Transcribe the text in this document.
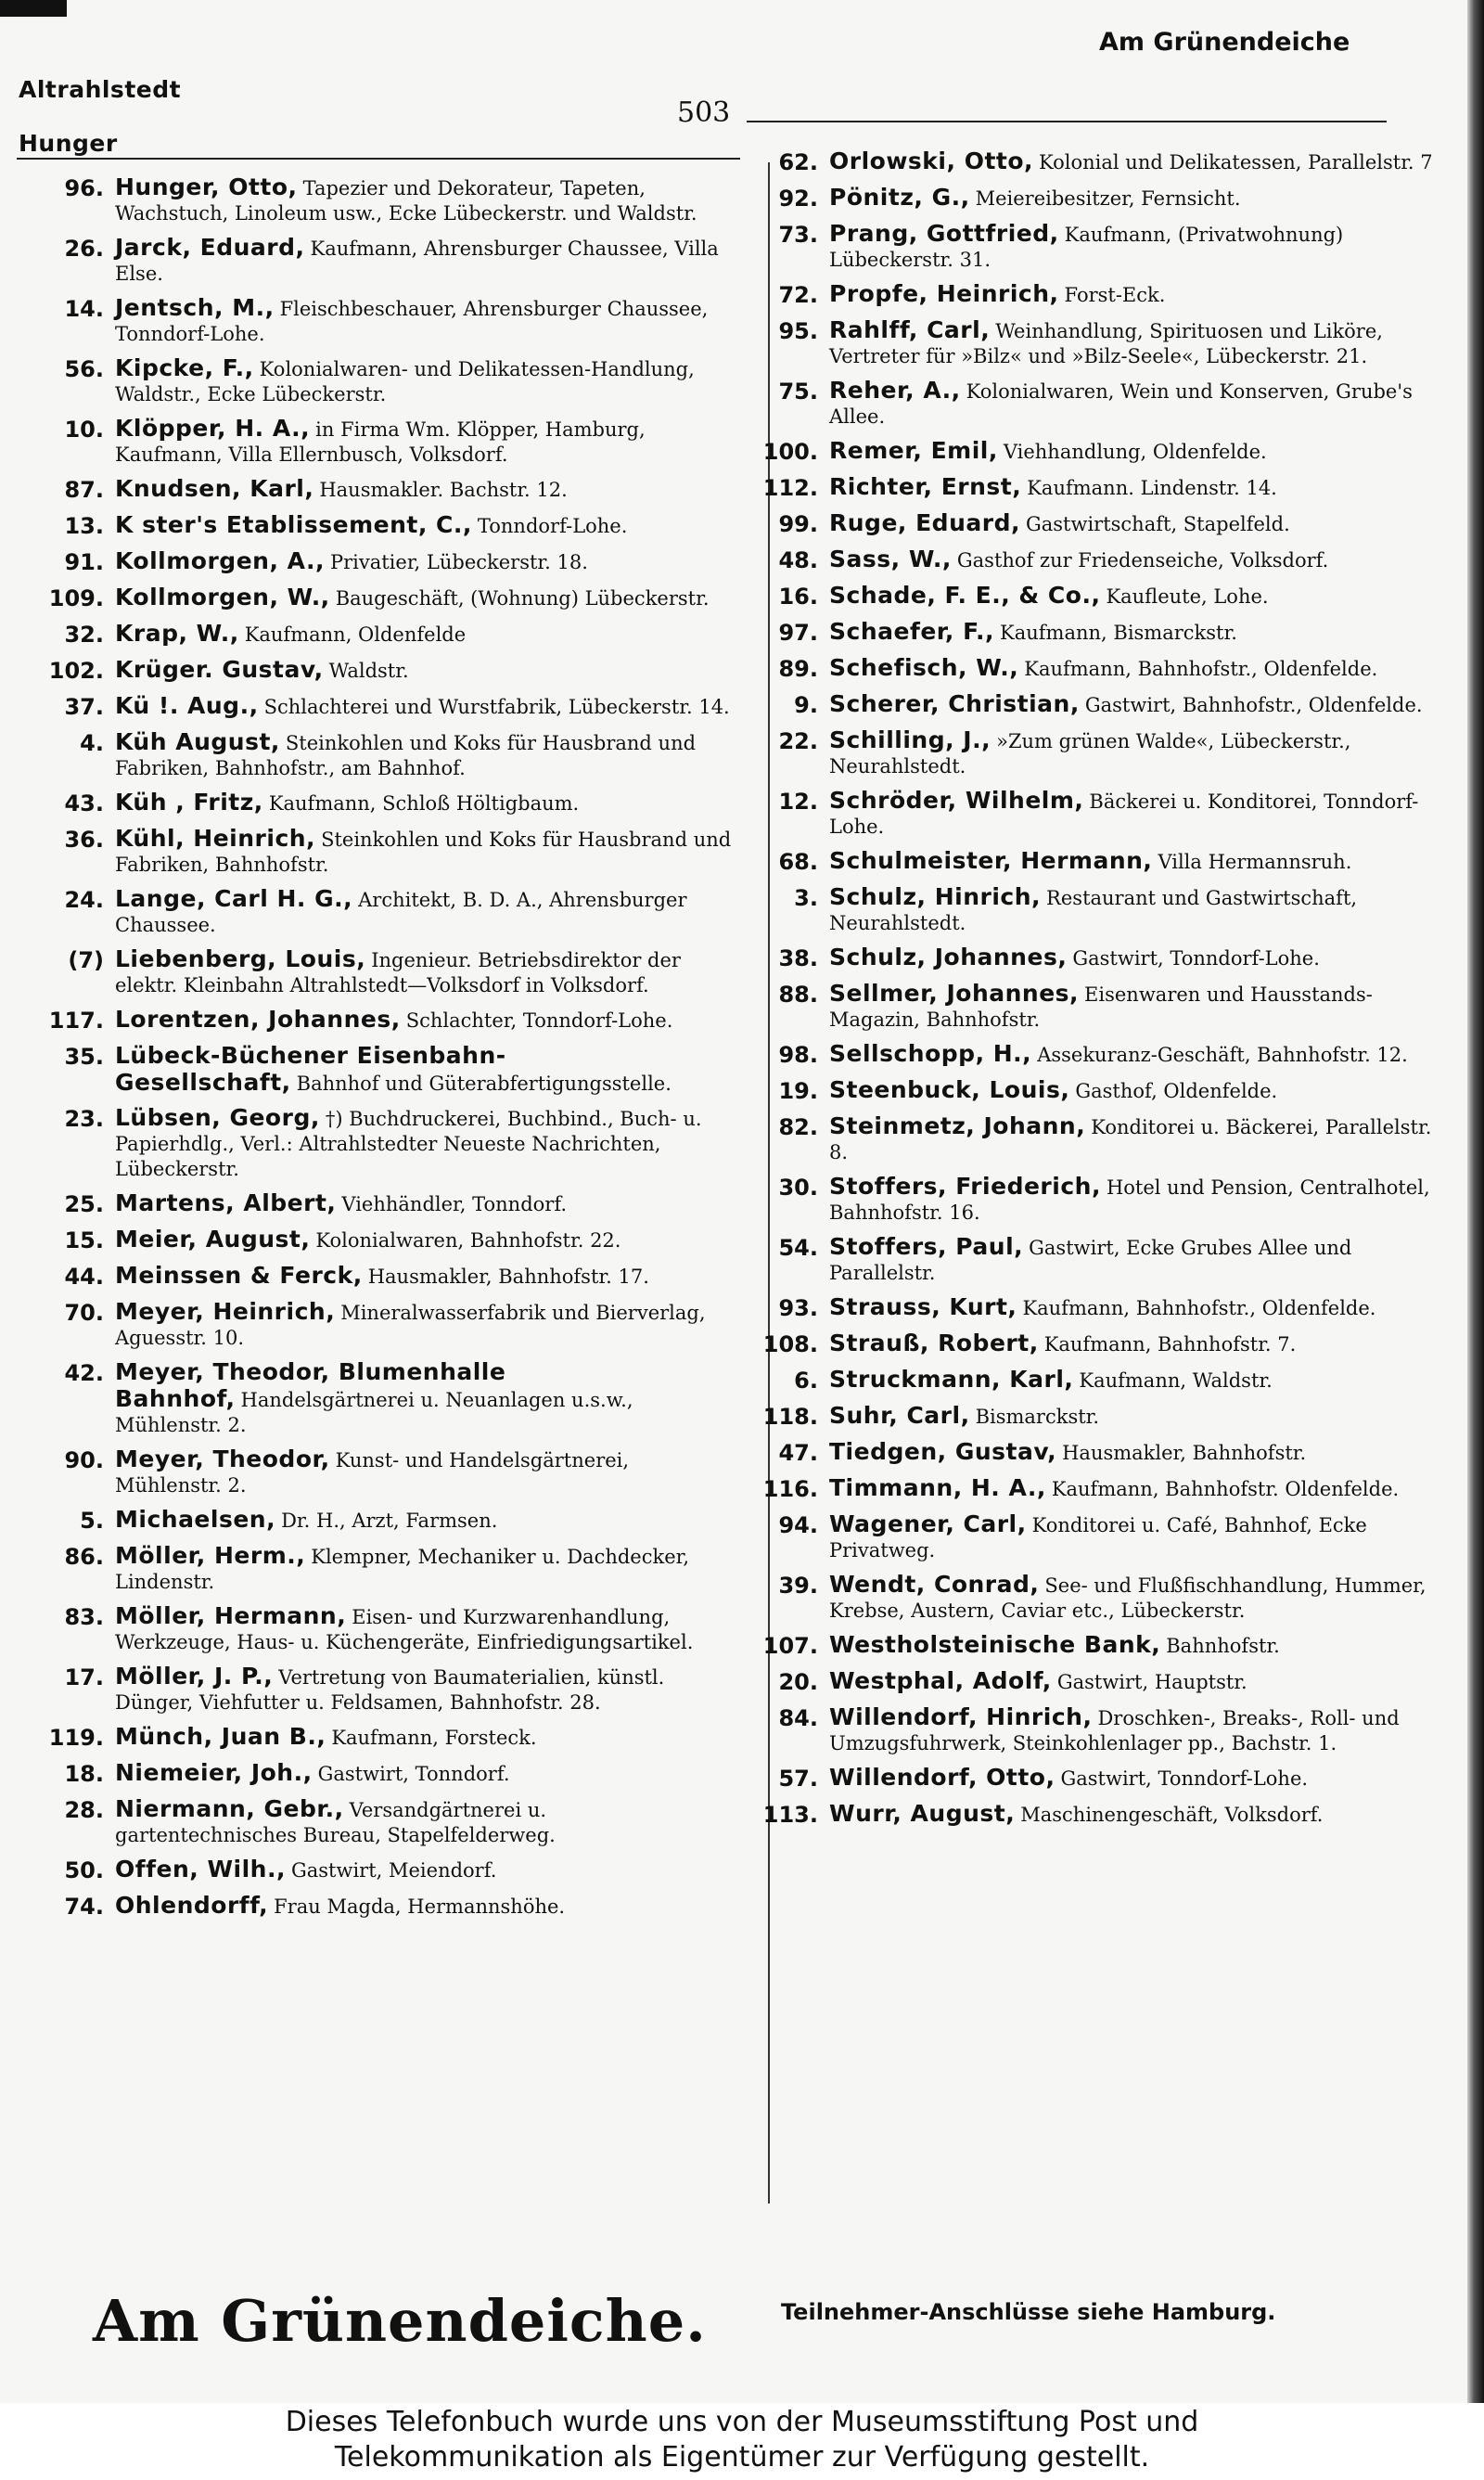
Altrahlstedt
Hunger
503
Am Grünendeiche
96. Hunger, Otto, Tapezier und Dekorateur, Tapeten, Wachstuch, Linoleum usw., Ecke Lübeckerstr. und Waldstr.
26. Jarck, Eduard, Kaufmann, Ahrensburger Chaussee, Villa Else.
14. Jentsch, M., Fleischbeschauer, Ahrensburger Chaussee, Tonndorf-Lohe.
56. Kipcke, F., Kolonialwaren- und Delikatessen-Handlung, Waldstr., Ecke Lübeckerstr.
10. Klöpper, H. A., in Firma Wm. Klöpper, Hamburg, Kaufmann, Villa Ellernbusch, Volksdorf.
87. Knudsen, Karl, Hausmakler. Bachstr. 12.
13. K ster's Etablissement, C., Tonndorf-Lohe.
91. Kollmorgen, A., Privatier, Lübeckerstr. 18.
109. Kollmorgen, W., Baugeschäft, (Wohnung) Lübeckerstr.
32. Krap, W., Kaufmann, Oldenfelde
102. Krüger. Gustav, Waldstr.
37. Kü !. Aug., Schlachterei und Wurstfabrik, Lübeckerstr. 14.
4. Küh August, Steinkohlen und Koks für Hausbrand und Fabriken, Bahnhofstr., am Bahnhof.
43. Küh , Fritz, Kaufmann, Schloß Höltigbaum.
36. Kühl, Heinrich, Steinkohlen und Koks für Hausbrand und Fabriken, Bahnhofstr.
24. Lange, Carl H. G., Architekt, B. D. A., Ahrensburger Chaussee.
(7) Liebenberg, Louis, Ingenieur. Betriebsdirektor der elektr. Kleinbahn Altrahlstedt—Volksdorf in Volksdorf.
117. Lorentzen, Johannes, Schlachter, Tonndorf-Lohe.
35. Lübeck-Büchener Eisenbahn-Gesellschaft, Bahnhof und Güterabfertigungsstelle.
23. Lübsen, Georg, †) Buchdruckerei, Buchbind., Buch- u. Papierhdlg., Verl.: Altrahlstedter Neueste Nachrichten, Lübeckerstr.
25. Martens, Albert, Viehhändler, Tonndorf.
15. Meier, August, Kolonialwaren, Bahnhofstr. 22.
44. Meinssen & Ferck, Hausmakler, Bahnhofstr. 17.
70. Meyer, Heinrich, Mineralwasserfabrik und Bierverlag, Aguesstr. 10.
42. Meyer, Theodor, Blumenhalle Bahnhof, Handelsgärtnerei u. Neuanlagen u.s.w., Mühlenstr. 2.
90. Meyer, Theodor, Kunst- und Handelsgärtnerei, Mühlenstr. 2.
5. Michaelsen, Dr. H., Arzt, Farmsen.
86. Möller, Herm., Klempner, Mechaniker u. Dachdecker, Lindenstr.
83. Möller, Hermann, Eisen- und Kurzwarenhandlung, Werkzeuge, Haus- u. Küchengeräte, Einfriedigungsartikel.
17. Möller, J. P., Vertretung von Baumaterialien, künstl. Dünger, Viehfutter u. Feldsamen, Bahnhofstr. 28.
119. Münch, Juan B., Kaufmann, Forsteck.
18. Niemeier, Joh., Gastwirt, Tonndorf.
28. Niermann, Gebr., Versandgärtnerei u. gartentechnisches Bureau, Stapelfelderweg.
50. Offen, Wilh., Gastwirt, Meiendorf.
74. Ohlendorff, Frau Magda, Hermannshöhe.
62. Orlowski, Otto, Kolonial und Delikatessen, Parallelstr. 7
92. Pönitz, G., Meiereibesitzer, Fernsicht.
73. Prang, Gottfried, Kaufmann, (Privatwohnung) Lübeckerstr. 31.
72. Propfe, Heinrich, Forst-Eck.
95. Rahlff, Carl, Weinhandlung, Spirituosen und Liköre, Vertreter für »Bilz« und »Bilz-Seele«, Lübeckerstr. 21.
75. Reher, A., Kolonialwaren, Wein und Konserven, Grube's Allee.
100. Remer, Emil, Viehhandlung, Oldenfelde.
112. Richter, Ernst, Kaufmann. Lindenstr. 14.
99. Ruge, Eduard, Gastwirtschaft, Stapelfeld.
48. Sass, W., Gasthof zur Friedenseiche, Volksdorf.
16. Schade, F. E., & Co., Kaufleute, Lohe.
97. Schaefer, F., Kaufmann, Bismarckstr.
89. Schefisch, W., Kaufmann, Bahnhofstr., Oldenfelde.
9. Scherer, Christian, Gastwirt, Bahnhofstr., Oldenfelde.
22. Schilling, J., »Zum grünen Walde«, Lübeckerstr., Neurahlstedt.
12. Schröder, Wilhelm, Bäckerei u. Konditorei, Tonndorf-Lohe.
68. Schulmeister, Hermann, Villa Hermannsruh.
3. Schulz, Hinrich, Restaurant und Gastwirtschaft, Neurahlstedt.
38. Schulz, Johannes, Gastwirt, Tonndorf-Lohe.
88. Sellmer, Johannes, Eisenwaren und Hausstands-Magazin, Bahnhofstr.
98. Sellschopp, H., Assekuranz-Geschäft, Bahnhofstr. 12.
19. Steenbuck, Louis, Gasthof, Oldenfelde.
82. Steinmetz, Johann, Konditorei u. Bäckerei, Parallelstr. 8.
30. Stoffers, Friederich, Hotel und Pension, Centralhotel, Bahnhofstr. 16.
54. Stoffers, Paul, Gastwirt, Ecke Grubes Allee und Parallelstr.
93. Strauss, Kurt, Kaufmann, Bahnhofstr., Oldenfelde.
108. Strauß, Robert, Kaufmann, Bahnhofstr. 7.
6. Struckmann, Karl, Kaufmann, Waldstr.
118. Suhr, Carl, Bismarckstr.
47. Tiedgen, Gustav, Hausmakler, Bahnhofstr.
116. Timmann, H. A., Kaufmann, Bahnhofstr. Oldenfelde.
94. Wagener, Carl, Konditorei u. Café, Bahnhof, Ecke Privatweg.
39. Wendt, Conrad, See- und Flußfischhandlung, Hummer, Krebse, Austern, Caviar etc., Lübeckerstr.
107. Westholsteinische Bank, Bahnhofstr.
20. Westphal, Adolf, Gastwirt, Hauptstr.
84. Willendorf, Hinrich, Droschken-, Breaks-, Roll- und Umzugsfuhrwerk, Steinkohlenlager pp., Bachstr. 1.
57. Willendorf, Otto, Gastwirt, Tonndorf-Lohe.
113. Wurr, August, Maschinengeschäft, Volksdorf.
Am Grünendeiche.	Teilnehmer-Anschlüsse siehe Hamburg.
Dieses Telefonbuch wurde uns von der Museumsstiftung Post und
Telekommunikation als Eigentümer zur Verfügung gestellt.
